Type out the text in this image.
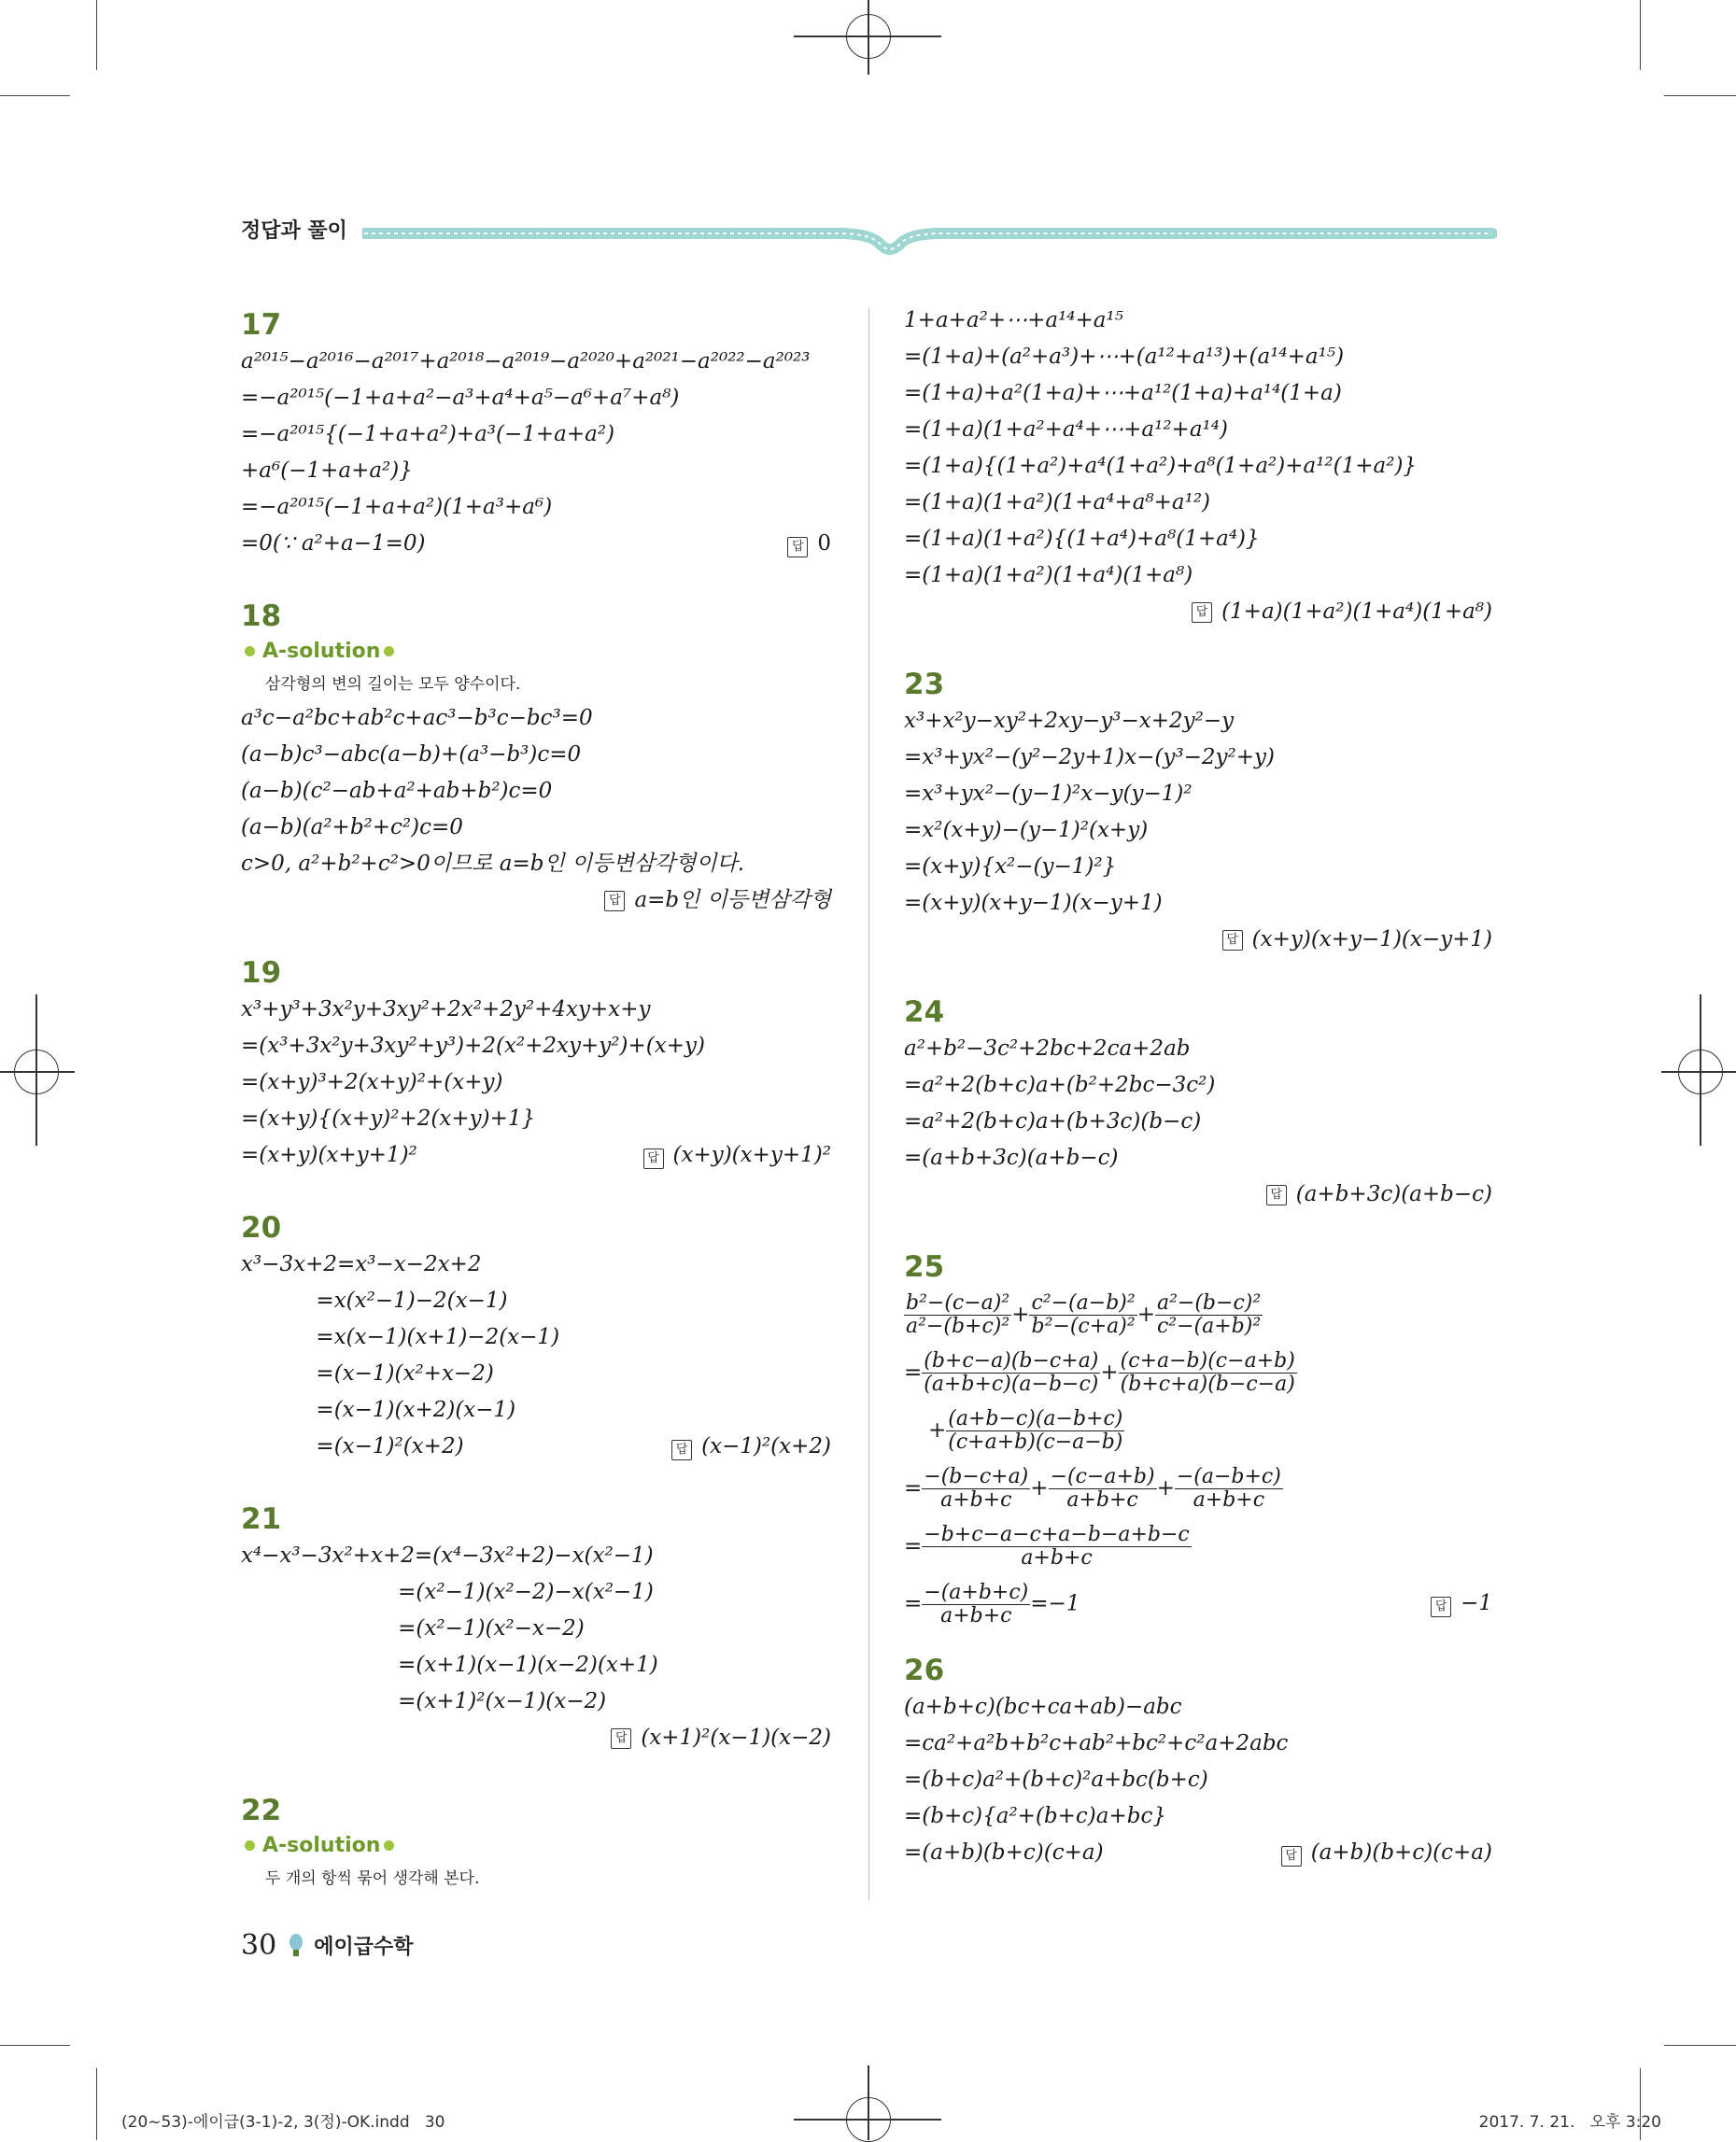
정답과 풀이
17
a²⁰¹⁵−a²⁰¹⁶−a²⁰¹⁷+a²⁰¹⁸−a²⁰¹⁹−a²⁰²⁰+a²⁰²¹−a²⁰²²−a²⁰²³
=−a²⁰¹⁵(−1+a+a²−a³+a⁴+a⁵−a⁶+a⁷+a⁸)
=−a²⁰¹⁵{(−1+a+a²)+a³(−1+a+a²)
+a⁶(−1+a+a²)}
=−a²⁰¹⁵(−1+a+a²)(1+a³+a⁶)
=0(∵ a²+a−1=0)	답 0
18
A-solution
삼각형의 변의 길이는 모두 양수이다.
a³c−a²bc+ab²c+ac³−b³c−bc³=0
(a−b)c³−abc(a−b)+(a³−b³)c=0
(a−b)(c²−ab+a²+ab+b²)c=0
(a−b)(a²+b²+c²)c=0
c>0, a²+b²+c²>0이므로 a=b인 이등변삼각형이다.
답 a=b인 이등변삼각형
19
x³+y³+3x²y+3xy²+2x²+2y²+4xy+x+y
=(x³+3x²y+3xy²+y³)+2(x²+2xy+y²)+(x+y)
=(x+y)³+2(x+y)²+(x+y)
=(x+y){(x+y)²+2(x+y)+1}
=(x+y)(x+y+1)²	답 (x+y)(x+y+1)²
20
x³−3x+2=x³−x−2x+2
=x(x²−1)−2(x−1)
=x(x−1)(x+1)−2(x−1)
=(x−1)(x²+x−2)
=(x−1)(x+2)(x−1)
=(x−1)²(x+2)	답 (x−1)²(x+2)
21
x⁴−x³−3x²+x+2=(x⁴−3x²+2)−x(x²−1)
=(x²−1)(x²−2)−x(x²−1)
=(x²−1)(x²−x−2)
=(x+1)(x−1)(x−2)(x+1)
=(x+1)²(x−1)(x−2)
답 (x+1)²(x−1)(x−2)
22
A-solution
두 개의 항씩 묶어 생각해 본다.
1+a+a²+⋯+a¹⁴+a¹⁵
=(1+a)+(a²+a³)+⋯+(a¹²+a¹³)+(a¹⁴+a¹⁵)
=(1+a)+a²(1+a)+⋯+a¹²(1+a)+a¹⁴(1+a)
=(1+a)(1+a²+a⁴+⋯+a¹²+a¹⁴)
=(1+a){(1+a²)+a⁴(1+a²)+a⁸(1+a²)+a¹²(1+a²)}
=(1+a)(1+a²)(1+a⁴+a⁸+a¹²)
=(1+a)(1+a²){(1+a⁴)+a⁸(1+a⁴)}
=(1+a)(1+a²)(1+a⁴)(1+a⁸)
답 (1+a)(1+a²)(1+a⁴)(1+a⁸)
23
x³+x²y−xy²+2xy−y³−x+2y²−y
=x³+yx²−(y²−2y+1)x−(y³−2y²+y)
=x³+yx²−(y−1)²x−y(y−1)²
=x²(x+y)−(y−1)²(x+y)
=(x+y){x²−(y−1)²}
=(x+y)(x+y−1)(x−y+1)
답 (x+y)(x+y−1)(x−y+1)
24
a²+b²−3c²+2bc+2ca+2ab
=a²+2(b+c)a+(b²+2bc−3c²)
=a²+2(b+c)a+(b+3c)(b−c)
=(a+b+3c)(a+b−c)
답 (a+b+3c)(a+b−c)
25
$\frac{\text{b²−(c−a)²}}{\text{a²−(b+c)²}} + \frac{\text{c²−(a−b)²}}{\text{b²−(c+a)²}} + \frac{\text{a²−(b−c)²}}{\text{c²−(a+b)²}}$
= $\frac{(b+c-a)(b-c+a)}{(a+b+c)(a-b-c)} + \frac{(c+a-b)(c-a+b)}{(b+c+a)(b-c-a)}$
+ $\frac{(a+b-c)(a-b+c)}{(c+a+b)(c-a-b)}$
= $\frac{-(b-c+a)}{a+b+c} + \frac{-(c-a+b)}{a+b+c} + \frac{-(a-b+c)}{a+b+c}$
= $\frac{-b+c-a-c+a-b-a+b-c}{a+b+c}$
= $\frac{-(a+b+c)}{a+b+c} =-1$	답 −1
26
(a+b+c)(bc+ca+ab)−abc
=ca²+a²b+b²c+ab²+bc²+c²a+2abc
=(b+c)a²+(b+c)²a+bc(b+c)
=(b+c){a²+(b+c)a+bc}
=(a+b)(b+c)(c+a)	답 (a+b)(b+c)(c+a)
30 에이급수학
(20~53)-에이급(3-1)-2, 3(정)-OK.indd   30	2017. 7. 21.   오후 3:20
